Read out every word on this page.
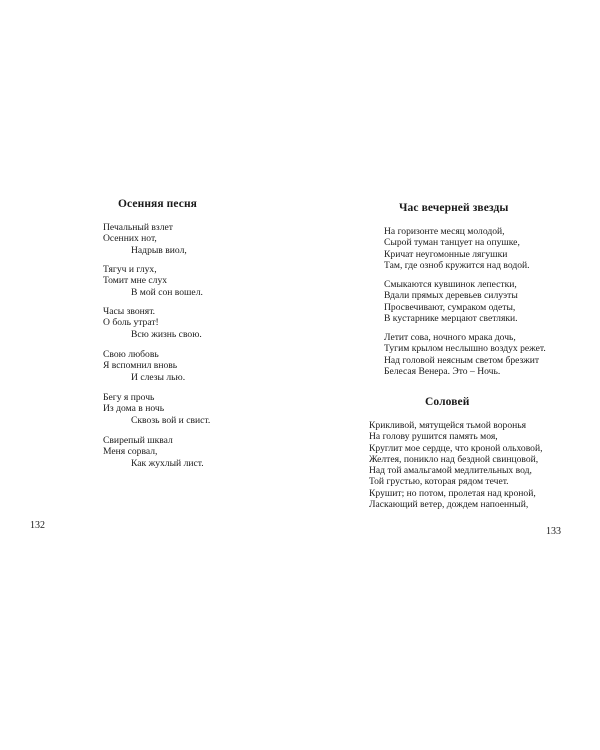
Осенняя песня
Печальный взлет
Осенних нот,
Надрыв виол,
Тягуч и глух,
Томит мне слух
В мой сон вошел.
Часы звонят.
О боль утрат!
Всю жизнь свою.
Свою любовь
Я вспомнил вновь
И слезы лью.
Бегу я прочь
Из дома в ночь
Сквозь вой и свист.
Свирепый шквал
Меня сорвал,
Как жухлый лист.
132
Час вечерней звезды
На горизонте месяц молодой,
Сырой туман танцует на опушке,
Кричат неугомонные лягушки
Там, где озноб кружится над водой.
Смыкаются кувшинок лепестки,
Вдали прямых деревьев силуэты
Просвечивают, сумраком одеты,
В кустарнике мерцают светляки.
Летит сова, ночного мрака дочь,
Тугим крылом неслышно воздух режет.
Над головой неясным светом брезжит
Белесая Венера. Это – Ночь.
Соловей
Крикливой, мятущейся тьмой воронья
На голову рушится память моя,
Круглит мое сердце, что кроной ольховой,
Желтея, поникло над бездной свинцовой,
Над той амальгамой медлительных вод,
Той грустью, которая рядом течет.
Крушит; но потом, пролетая над кроной,
Ласкающий ветер, дождем напоенный,
133
